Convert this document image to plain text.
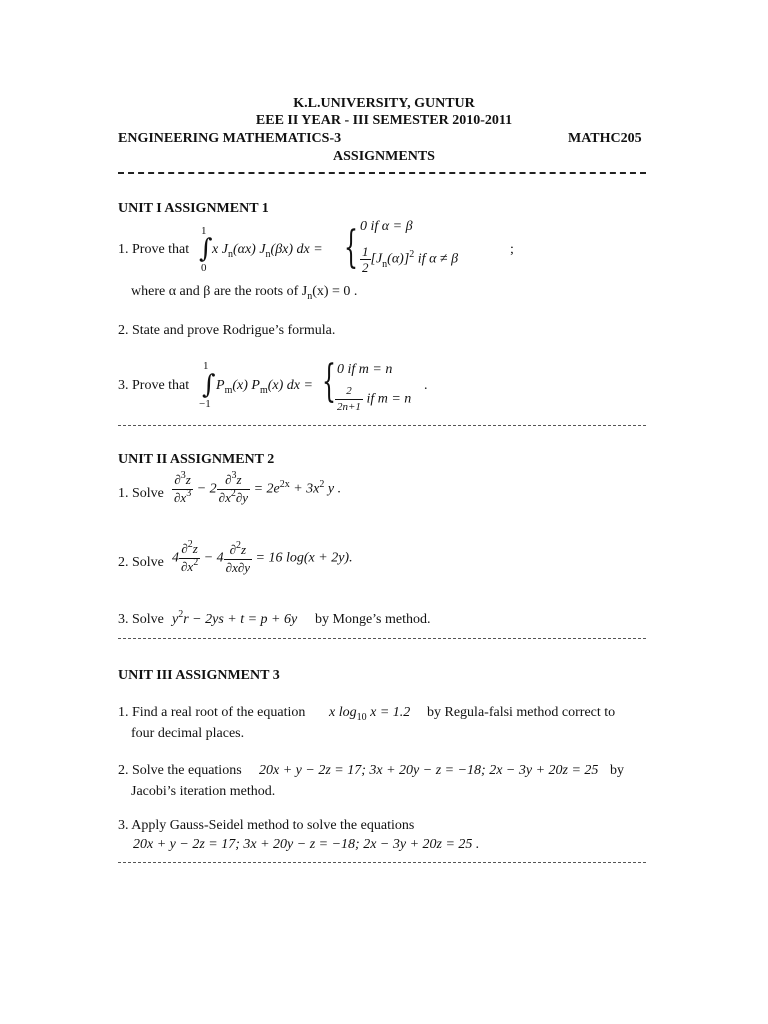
K.L.UNIVERSITY, GUNTUR
EEE II YEAR - III SEMESTER 2010-2011
ENGINEERING MATHEMATICS-3	MATHC205
ASSIGNMENTS
UNIT I ASSIGNMENT 1
1. Prove that
1
∫
0
x $J_n(\alpha x)$ $J_n(\beta x)$ dx = { 0 if α = β
$\frac{1}{2} [J_n(\alpha)]^2$ if α ≠ β
;
where α and β are the roots of $J_n(x) = 0$ .
2. State and prove Rodrigue’s formula.
3. Prove that
1
∫
−1
$P_m(x)$ $P_m(x)$ dx = { 0 if m = n
$\frac{2}{2n+1}$ if m = n
.
UNIT II ASSIGNMENT 2
1. Solve $\frac{\partial^3z}{\partial x^3} - 2 \frac{\partial^3z}{\partial x^2\partial y} = 2e^{2x} + 3x^2$ y .
2. Solve $4 \frac{\partial^2z}{\partial x^2} - 4 \frac{\partial^2z}{\partial x\partial y} = 16$ log(x + 2y).
3. Solve $y^2r - 2ys + t = p + 6y$ by Monge’s method.
UNIT III ASSIGNMENT 3
1. Find a real root of the equation x $\log_{10} x = 1.2$ by Regula-falsi method correct to
four decimal places.
2. Solve the equations 20x + y − 2z = 17; 3x + 20y − z = −18; 2x − 3y + 20z = 25 by
Jacobi’s iteration method.
3. Apply Gauss-Seidel method to solve the equations
20x + y − 2z = 17; 3x + 20y − z = −18; 2x − 3y + 20z = 25 .
